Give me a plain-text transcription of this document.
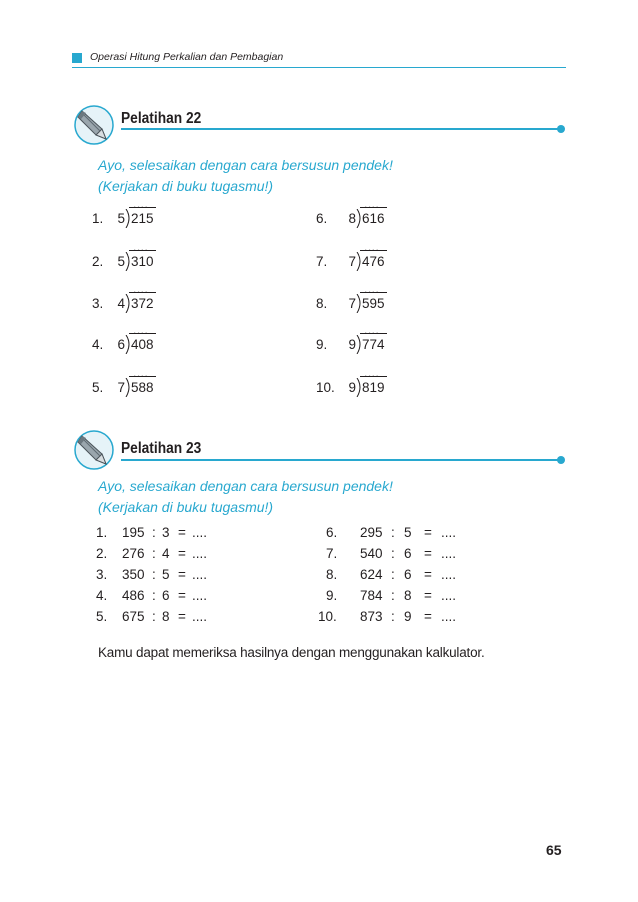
Operasi Hitung Perkalian dan Pembagian
Pelatihan 22
Ayo, selesaikan dengan cara bersusun pendek!
(Kerjakan di buku tugasmu!)
1. 5 215
....
2. 5 310
....
3. 4 372
....
4. 6 408
....
5. 7 588
....
6. 8 616
....
7. 7 476
....
8. 7 595
....
9. 9 774
....
10. 9 819
....
Pelatihan 23
Ayo, selesaikan dengan cara bersusun pendek!
(Kerjakan di buku tugasmu!)
1. 195 : 3 = ....
2. 276 : 4 = ....
3. 350 : 5 = ....
4. 486 : 6 = ....
5. 675 : 8 = ....
6. 295 : 5 = ....
7. 540 : 6 = ....
8. 624 : 6 = ....
9. 784 : 8 = ....
10. 873 : 9 = ....
Kamu dapat memeriksa hasilnya dengan menggunakan kalkulator.
65
